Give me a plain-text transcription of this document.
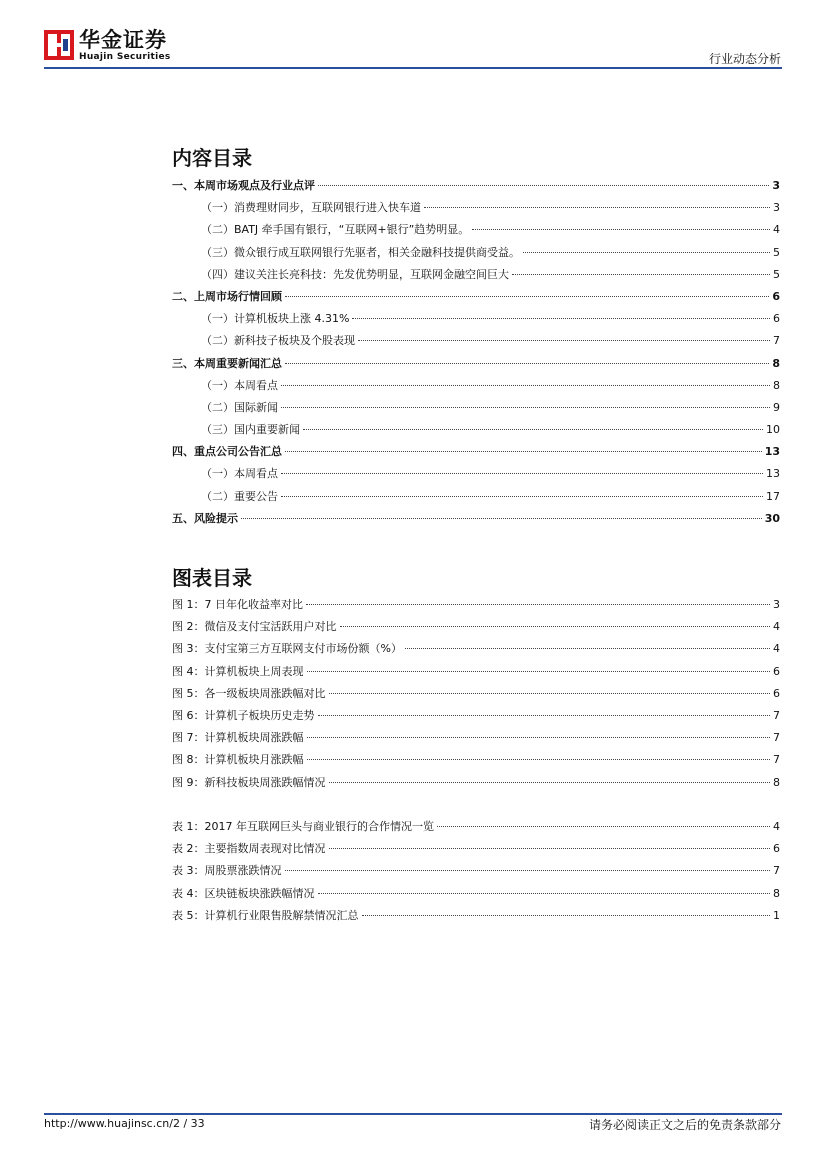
华金证券
Huajin Securities	行业动态分析
内容目录
一、本周市场观点及行业点评	3
（一）消费理财同步，互联网银行进入快车道	3
（二）BATJ 牵手国有银行，“互联网+银行”趋势明显。	4
（三）微众银行成互联网银行先驱者，相关金融科技提供商受益。	5
（四）建议关注长亮科技：先发优势明显，互联网金融空间巨大	5
二、上周市场行情回顾	6
（一）计算机板块上涨 4.31%	6
（二）新科技子板块及个股表现	7
三、本周重要新闻汇总	8
（一）本周看点	8
（二）国际新闻	9
（三）国内重要新闻	10
四、重点公司公告汇总	13
（一）本周看点	13
（二）重要公告	17
五、风险提示	30
图表目录
图 1：7 日年化收益率对比	3
图 2：微信及支付宝活跃用户对比	4
图 3：支付宝第三方互联网支付市场份额（%）	4
图 4：计算机板块上周表现	6
图 5：各一级板块周涨跌幅对比	6
图 6：计算机子板块历史走势	7
图 7：计算机板块周涨跌幅	7
图 8：计算机板块月涨跌幅	7
图 9：新科技板块周涨跌幅情况	8
表 1：2017 年互联网巨头与商业银行的合作情况一览	4
表 2：主要指数周表现对比情况	6
表 3：周股票涨跌情况	7
表 4：区块链板块涨跌幅情况	8
表 5：计算机行业限售股解禁情况汇总	1
http://www.huajinsc.cn/2 / 33	请务必阅读正文之后的免责条款部分
